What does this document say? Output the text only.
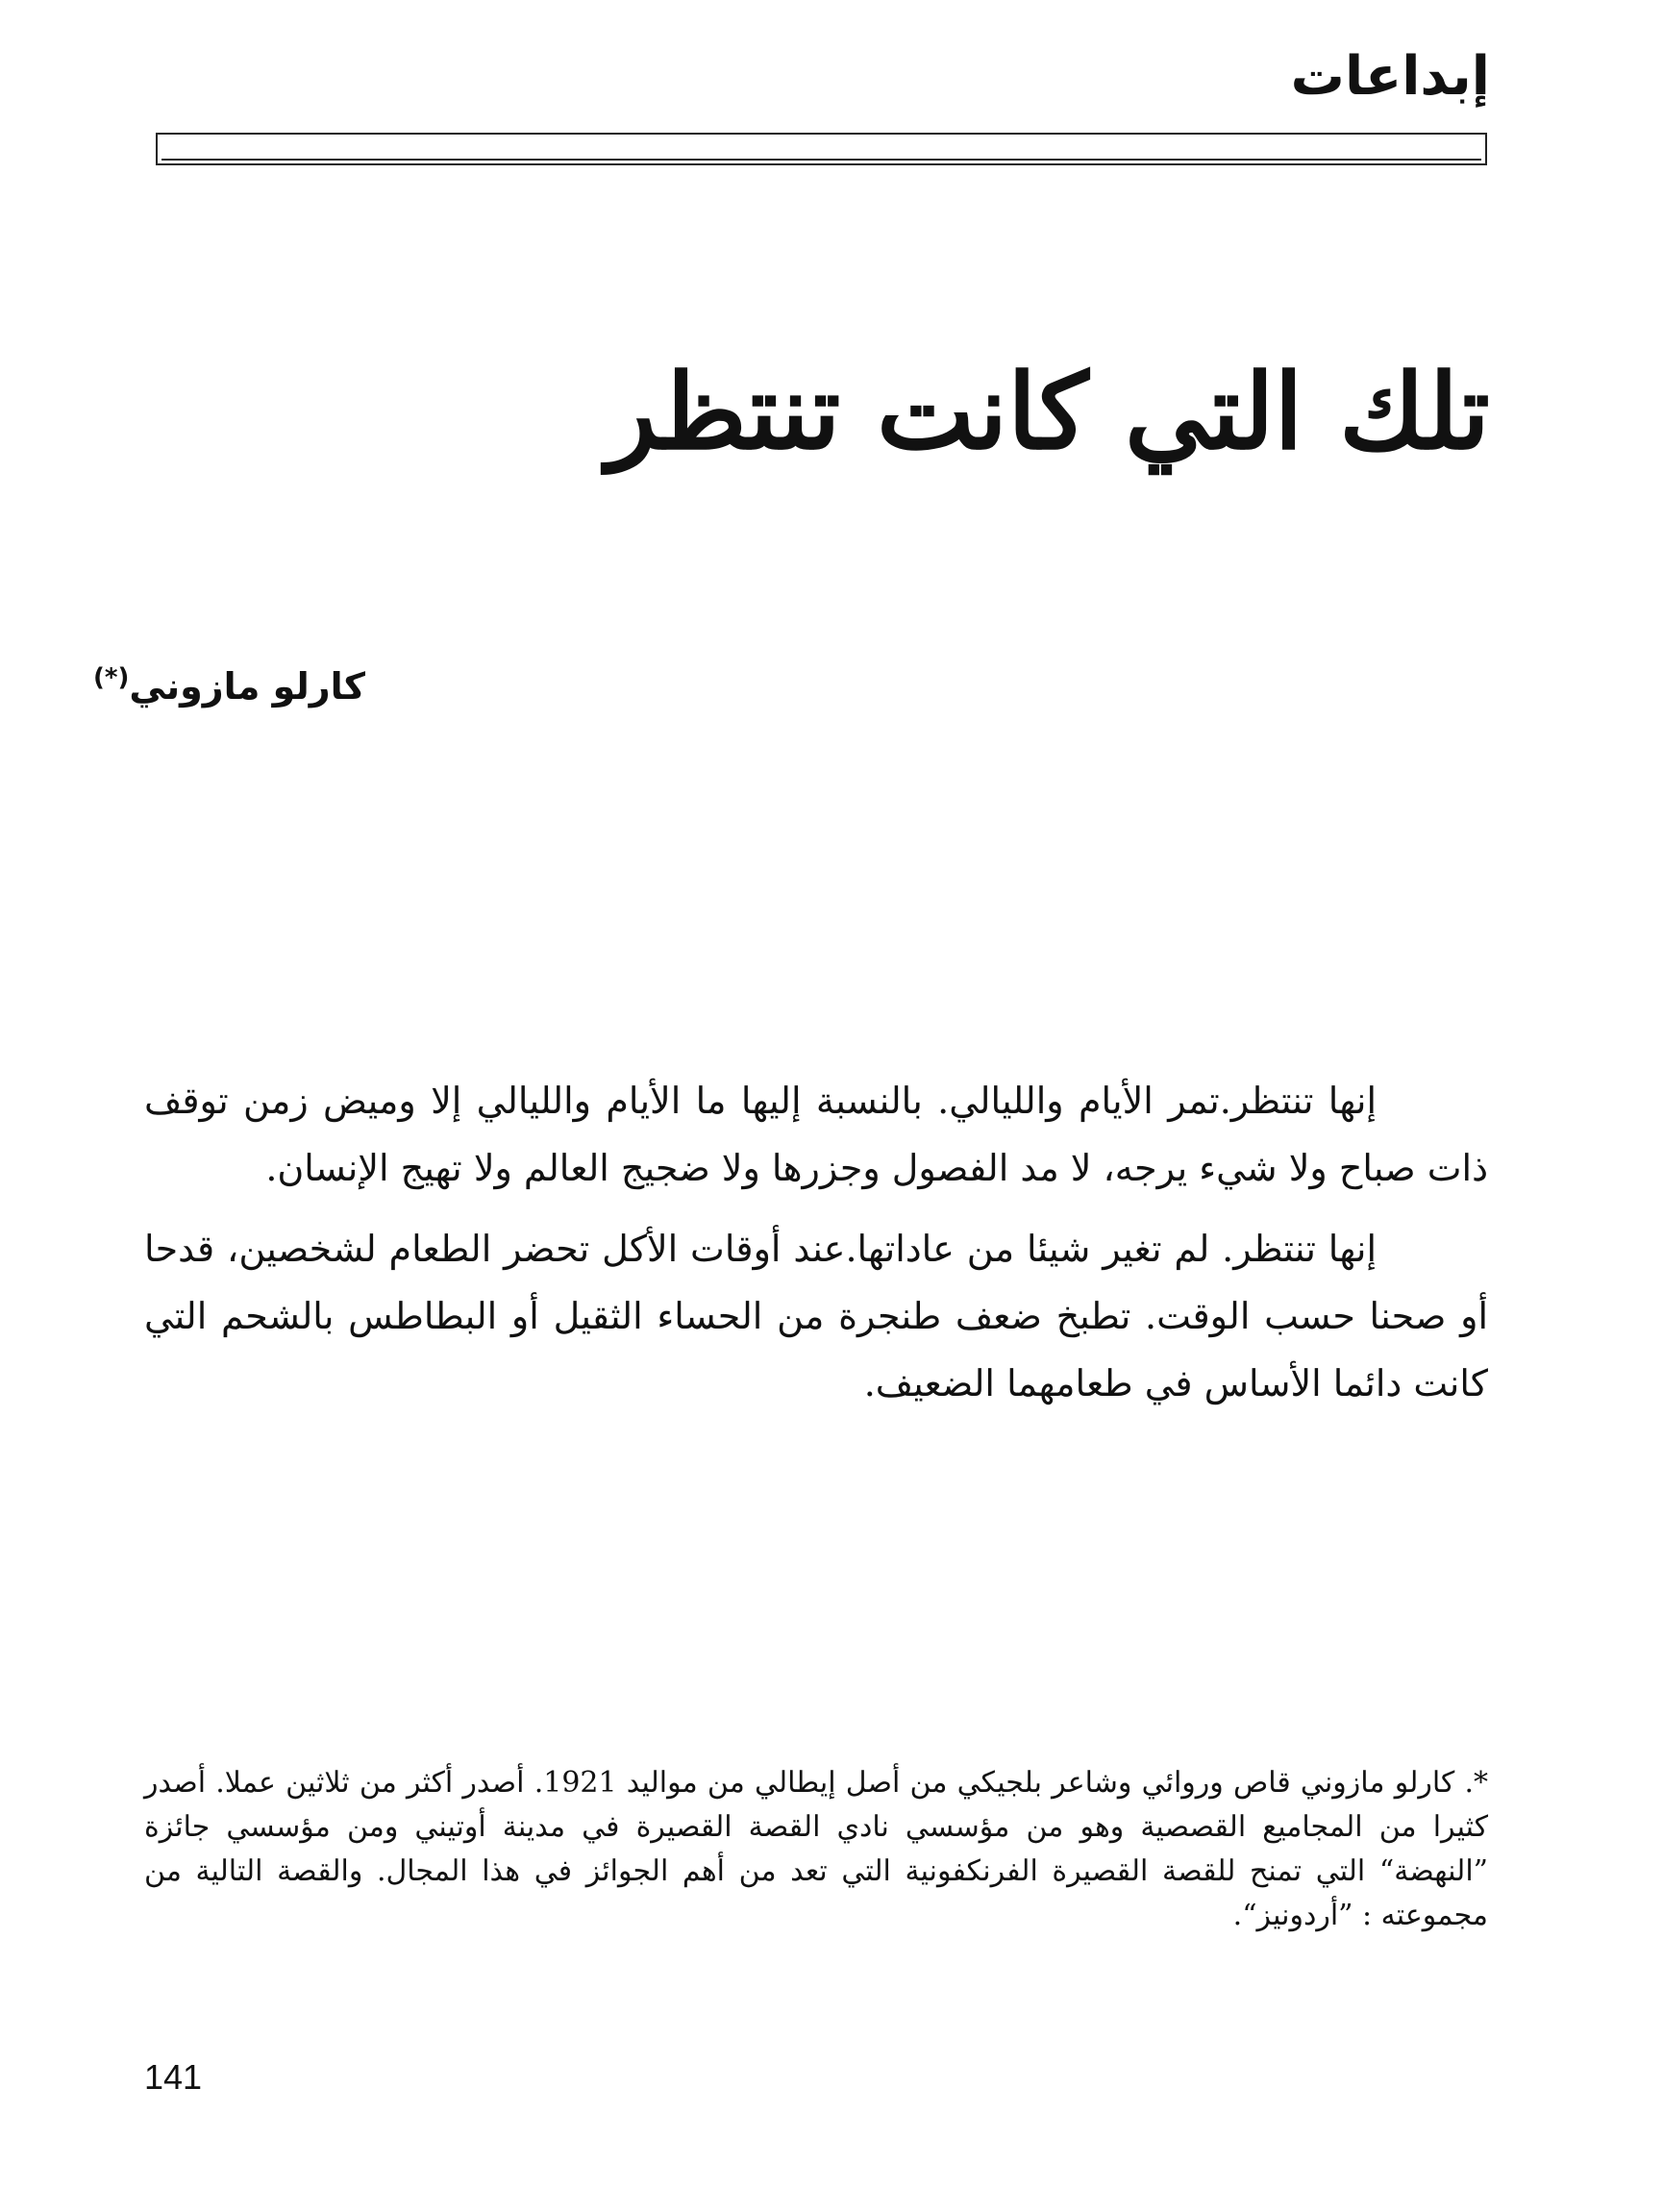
إبداعات
تلك التي كانت تنتظر
كارلو مازوني(*)

إنها تنتظر.تمر الأيام والليالي. بالنسبة إليها ما الأيام والليالي إلا وميض زمن توقف ذات صباح ولا شيء يرجه، لا مد الفصول وجزرها ولا ضجيج العالم ولا تهيج الإنسان.

إنها تنتظر. لم تغير شيئا من عاداتها.عند أوقات الأكل تحضر الطعام لشخصين، قدحا أو صحنا حسب الوقت. تطبخ ضعف طنجرة من الحساء الثقيل أو البطاطس بالشحم التي كانت دائما الأساس في طعامهما الضعيف.

*. كارلو مازوني قاص وروائي وشاعر بلجيكي من أصل إيطالي من مواليد 1921. أصدر أكثر من ثلاثين عملا. أصدر كثيرا من المجاميع القصصية وهو من مؤسسي نادي القصة القصيرة في مدينة أوتيني ومن مؤسسي جائزة ”النهضة“ التي تمنح للقصة القصيرة الفرنكفونية التي تعد من أهم الجوائز في هذا المجال. والقصة التالية من مجموعته : ”أردونيز“.
141
